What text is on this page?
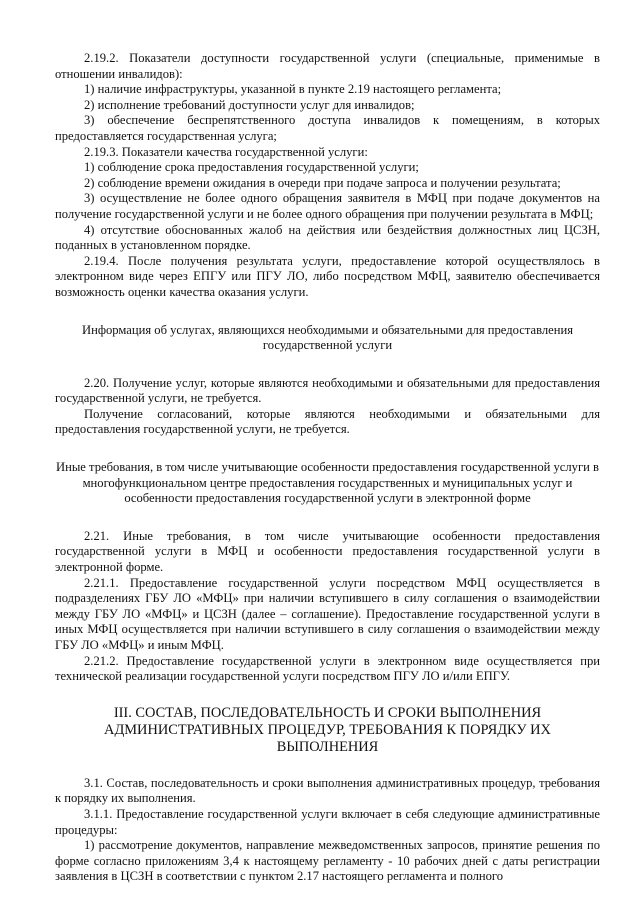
2.19.2. Показатели доступности государственной услуги (специальные, применимые в отношении инвалидов):

1) наличие инфраструктуры, указанной в пункте 2.19 настоящего регламента;

2) исполнение требований доступности услуг для инвалидов;

3) обеспечение беспрепятственного доступа инвалидов к помещениям, в которых предоставляется государственная услуга;

2.19.3. Показатели качества государственной услуги:

1) соблюдение срока предоставления государственной услуги;

2) соблюдение времени ожидания в очереди при подаче запроса и получении результата;

3) осуществление не более одного обращения заявителя в МФЦ при подаче документов на получение государственной услуги и не более одного обращения при получении результата в МФЦ;

4) отсутствие обоснованных жалоб на действия или бездействия должностных лиц ЦСЗН, поданных в установленном порядке.

2.19.4. После получения результата услуги, предоставление которой осуществлялось в электронном виде через ЕПГУ или ПГУ ЛО, либо посредством МФЦ, заявителю обеспечивается возможность оценки качества оказания услуги.

Информация об услугах, являющихся необходимыми и обязательными для предоставления государственной услуги

2.20. Получение услуг, которые являются необходимыми и обязательными для предоставления государственной услуги, не требуется.

Получение согласований, которые являются необходимыми и обязательными для предоставления государственной услуги, не требуется.

Иные требования, в том числе учитывающие особенности предоставления государственной услуги в многофункциональном центре предоставления государственных и муниципальных услуг и особенности предоставления государственной услуги в электронной форме

2.21. Иные требования, в том числе учитывающие особенности предоставления государственной услуги в МФЦ и особенности предоставления государственной услуги в электронной форме.

2.21.1. Предоставление государственной услуги посредством МФЦ осуществляется в подразделениях ГБУ ЛО «МФЦ» при наличии вступившего в силу соглашения о взаимодействии между ГБУ ЛО «МФЦ» и ЦСЗН (далее – соглашение). Предоставление государственной услуги в иных МФЦ осуществляется при наличии вступившего в силу соглашения о взаимодействии между ГБУ ЛО «МФЦ» и иным МФЦ.

2.21.2. Предоставление государственной услуги в электронном виде осуществляется при технической реализации государственной услуги посредством ПГУ ЛО и/или ЕПГУ.

III. СОСТАВ, ПОСЛЕДОВАТЕЛЬНОСТЬ И СРОКИ ВЫПОЛНЕНИЯ АДМИНИСТРАТИВНЫХ ПРОЦЕДУР, ТРЕБОВАНИЯ К ПОРЯДКУ ИХ ВЫПОЛНЕНИЯ

3.1. Состав, последовательность и сроки выполнения административных процедур, требования к порядку их выполнения.

3.1.1. Предоставление государственной услуги включает в себя следующие административные процедуры:

1) рассмотрение документов, направление межведомственных запросов, принятие решения по форме согласно приложениям 3,4 к настоящему регламенту - 10 рабочих дней с даты регистрации заявления в ЦСЗН в соответствии с пунктом 2.17 настоящего регламента и полного
